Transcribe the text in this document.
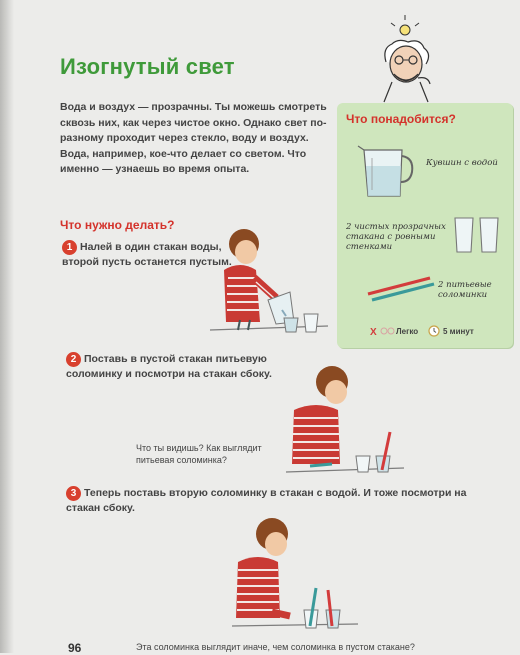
Изогнутый свет
Вода и воздух — прозрачны. Ты можешь смотреть сквозь них, как через чистое окно. Однако свет по-разному проходит через стекло, воду и воздух. Вода, например, кое-что делает со светом. Что именно — узнаешь во время опыта.
Что понадобится?
Кувшин с водой
2 чистых прозрачных стакана с ровными стенками
2 питьевые соломинки
X Легко	5 минут
Что нужно делать?
1 Налей в один стакан воды, второй пусть останется пустым.
2 Поставь в пустой стакан питьевую соломинку и посмотри на стакан сбоку.
Что ты видишь? Как выглядит питьевая соломинка?
3 Теперь поставь вторую соломинку в стакан с водой. И тоже посмотри на стакан сбоку.
Эта соломинка выглядит иначе, чем соломинка в пустом стакане?
96
